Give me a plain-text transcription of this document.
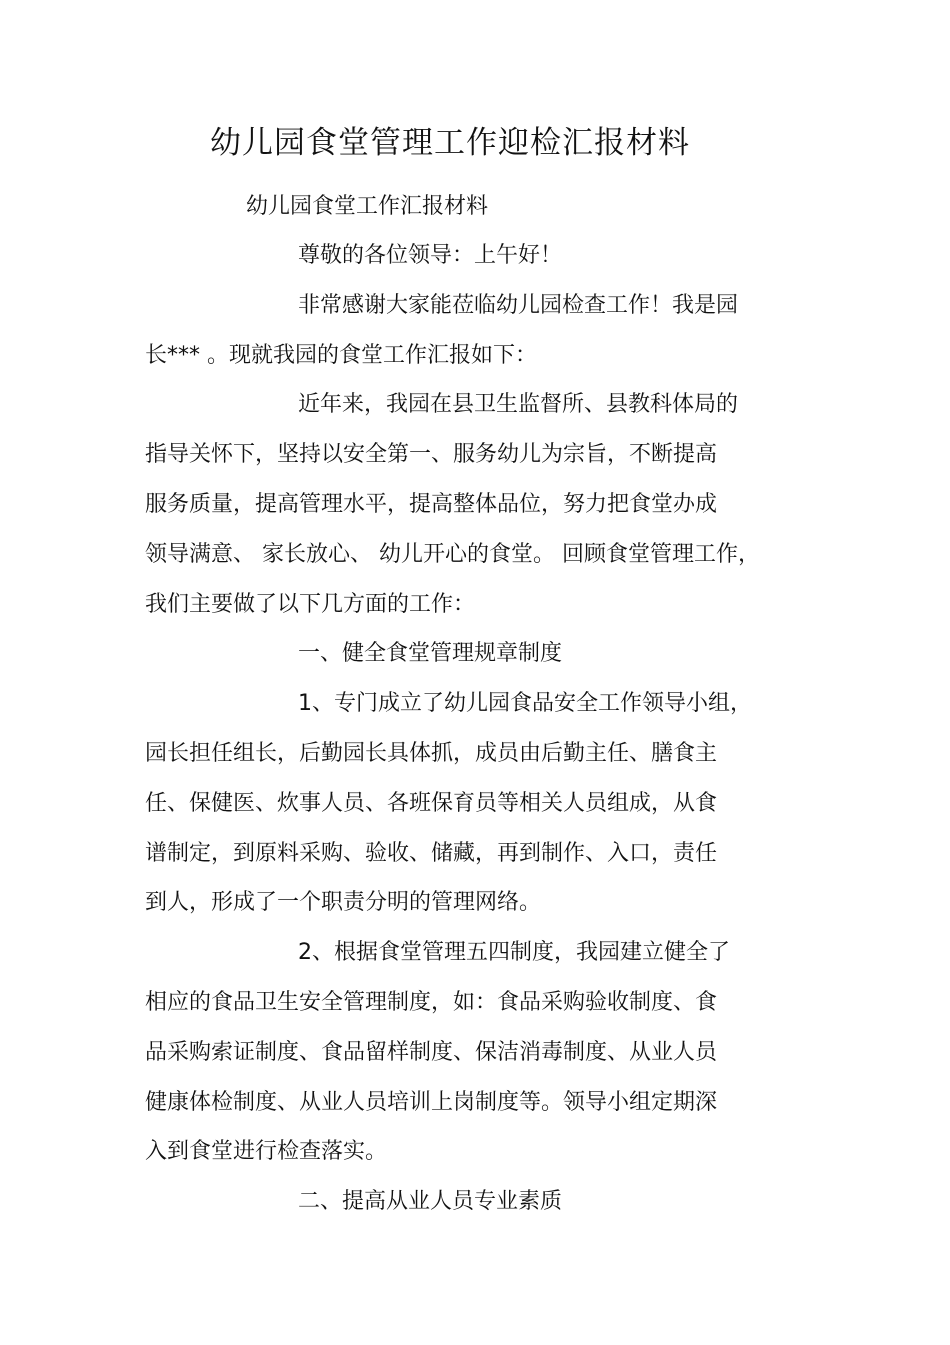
幼儿园食堂管理工作迎检汇报材料
幼儿园食堂工作汇报材料
尊敬的各位领导：上午好！
非常感谢大家能莅临幼儿园检查工作！我是园
长*** 。现就我园的食堂工作汇报如下：
近年来，我园在县卫生监督所、县教科体局的
指导关怀下，坚持以安全第一、服务幼儿为宗旨，不断提高
服务质量，提高管理水平，提高整体品位，努力把食堂办成
领导满意、 家长放心、 幼儿开心的食堂。 回顾食堂管理工作，
我们主要做了以下几方面的工作：
一、健全食堂管理规章制度
1、专门成立了幼儿园食品安全工作领导小组，
园长担任组长，后勤园长具体抓，成员由后勤主任、膳食主
任、保健医、炊事人员、各班保育员等相关人员组成，从食
谱制定，到原料采购、验收、储藏，再到制作、入口，责任
到人，形成了一个职责分明的管理网络。
2、根据食堂管理五四制度，我园建立健全了
相应的食品卫生安全管理制度，如：食品采购验收制度、食
品采购索证制度、食品留样制度、保洁消毒制度、从业人员
健康体检制度、从业人员培训上岗制度等。领导小组定期深
入到食堂进行检查落实。
二、提高从业人员专业素质
